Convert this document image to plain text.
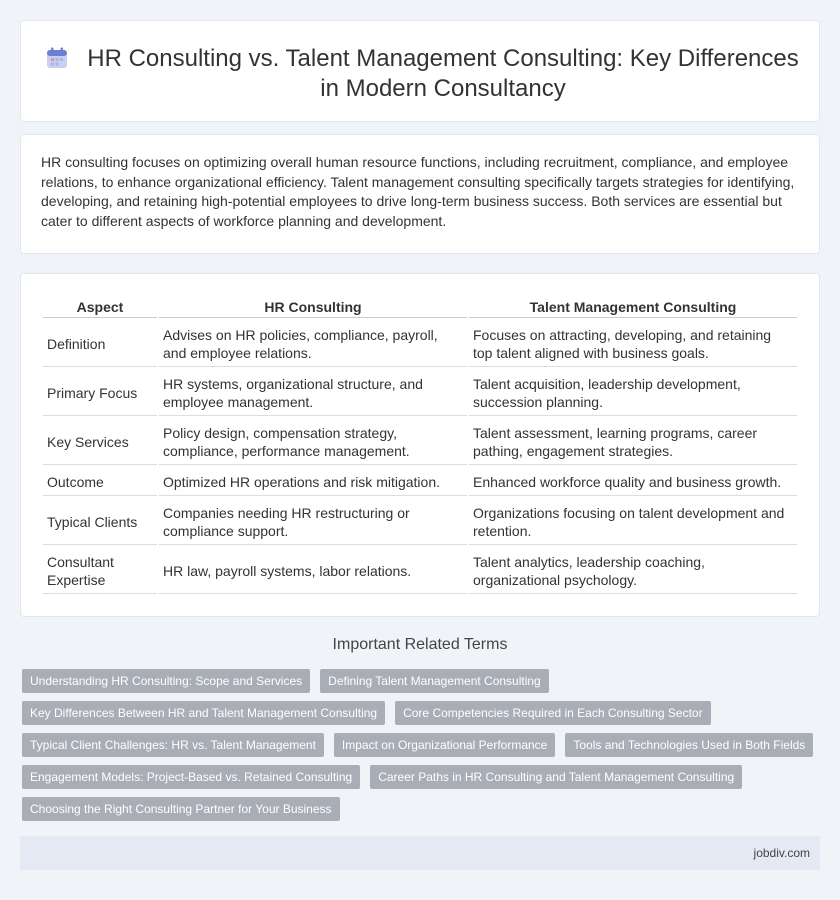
HR Consulting vs. Talent Management Consulting: Key Differences in Modern Consultancy

HR consulting focuses on optimizing overall human resource functions, including recruitment, compliance, and employee relations, to enhance organizational efficiency. Talent management consulting specifically targets strategies for identifying, developing, and retaining high-potential employees to drive long-term business success. Both services are essential but cater to different aspects of workforce planning and development.

Aspect	HR Consulting	Talent Management Consulting
Definition	Advises on HR policies, compliance, payroll, and employee relations.	Focuses on attracting, developing, and retaining top talent aligned with business goals.
Primary Focus	HR systems, organizational structure, and employee management.	Talent acquisition, leadership development, succession planning.
Key Services	Policy design, compensation strategy, compliance, performance management.	Talent assessment, learning programs, career pathing, engagement strategies.
Outcome	Optimized HR operations and risk mitigation.	Enhanced workforce quality and business growth.
Typical Clients	Companies needing HR restructuring or compliance support.	Organizations focusing on talent development and retention.
Consultant Expertise	HR law, payroll systems, labor relations.	Talent analytics, leadership coaching, organizational psychology.
Important Related Terms
Understanding HR Consulting: Scope and Services	Defining Talent Management Consulting
Key Differences Between HR and Talent Management Consulting	Core Competencies Required in Each Consulting Sector
Typical Client Challenges: HR vs. Talent Management	Impact on Organizational Performance	Tools and Technologies Used in Both Fields
Engagement Models: Project-Based vs. Retained Consulting	Career Paths in HR Consulting and Talent Management Consulting
Choosing the Right Consulting Partner for Your Business
jobdiv.com
